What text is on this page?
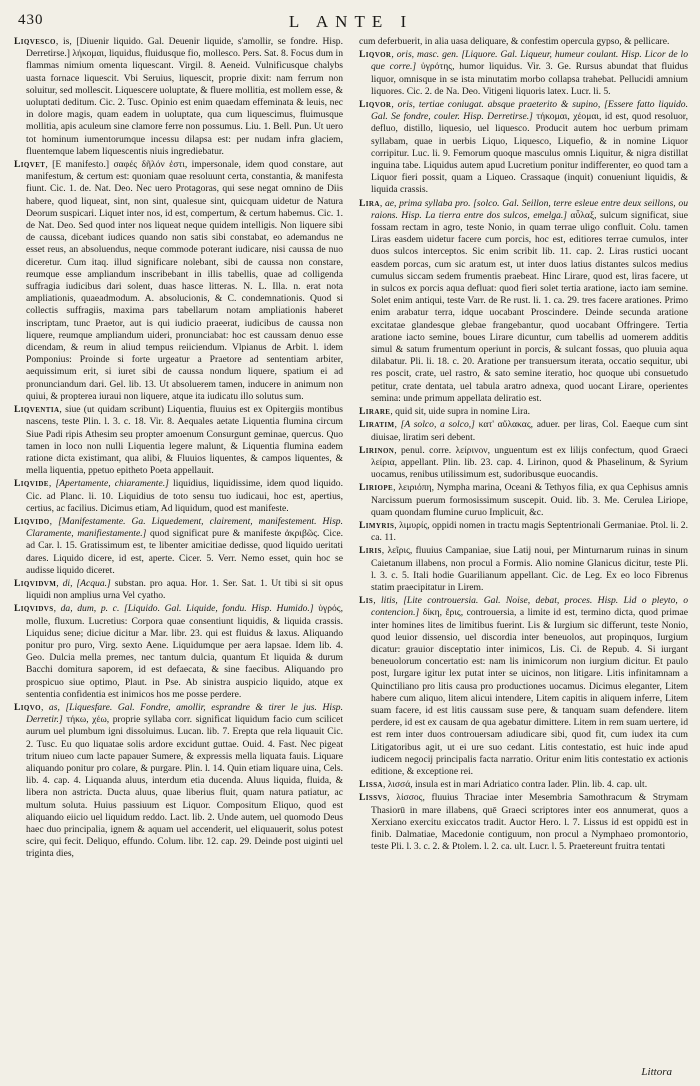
430	L ANTE I

Liqvesco, is, [Diuenir liquido. Gal. Deuenir liquide, s'amollir, se fondre. Hisp. Derretirse.] λήκομαι, liquidus, fluidusque fio, mollesco. Pers. Sat. 8. Focus dum in flammas nimium omenta liquescant. Virgil. 8. Aeneid. Vulnificusque chalybs uasta fornace liquescit. Vbi Seruius, liquescit, proprie dixit: nam ferrum non soluitur, sed mollescit. Liquescere uoluptate, & fluere mollitia, est mollem esse, & uoluptati deditum. Cic. 2. Tusc. Opinio est enim quaedam effeminata & leuis, nec in dolore magis, quam eadem in uoluptate, qua cum liquescimus, fluimusque mollitia, apis aculeum sine clamore ferre non possumus. Liu. 1. Bell. Pun. Ut uero tot hominum iumentorumque incessu dilapsa est: per nudam infra glaciem, fluentemque labem liquescentis niuis ingrediebatur.

Liqvet, [E manifesto.] σαφές δῆλόν ἐστι, impersonale, idem quod constare, aut manifestum, & certum est: quoniam quae resoluunt certa, constantia, & manifesta fiunt. Cic. 1. de. Nat. Deo. Nec uero Protagoras, qui sese negat omnino de Diis habere, quod liqueat, sint, non sint, qualesue sint, quicquam uidetur de Natura Deorum suspicari. Liquet inter nos, id est, compertum, & certum habemus. Cic. 1. de Nat. Deo. Sed quod inter nos liqueat neque quidem intelligis. Non liquere sibi de caussa, dicebant iudices quando non satis sibi constabat, eo ademandus ne esset reus, an absoluendus, neque commode poterant iudicare, nisi caussa de nuo diceretur. Cum itaq. illud significare nolebant, sibi de caussa non constare, reumque esse ampliandum inscribebant in illis tabellis, quae ad colligenda suffragia iudicibus dari solent, duas hasce litteras. N. L. Illa. n. erat nota ampliationis, quaeadmodum. A. absolucionis, & C. condemnationis. Quod si collectis suffragiis, maxima pars tabellarum notam ampliationis haberet inscriptam, tunc Praetor, aut is qui iudicio praeerat, iudicibus de caussa non liquere, reumque ampliandum uideri, pronunciabat: hoc est caussam denuo esse dicendam, & reum in aliud tempus reiiciendum. Vlpianus de Arbit. l. idem Pomponius: Proinde si forte urgeatur a Praetore ad sententiam arbiter, aequissimum erit, si iuret sibi de caussa nondum liquere, spatium ei ad pronunciandum dari. Gel. lib. 13. Ut absoluerem tamen, inducere in animum non quiui, & propterea iuraui non liquere, atque ita iudicatu illo solutus sum.

Liqventia, siue (ut quidam scribunt) Liquentia, fluuius est ex Opitergiis montibus nascens, teste Plin. l. 3. c. 18. Vir. 8. Aequales aetate Liquentia flumina circum Siue Padi ripis Athesim seu propter amoenum Consurgunt geminae, quercus. Quo tamen in loco non nulli Liquentia legere malunt, & Liquentia flumina eadem ratione dicta existimant, qua alibi, & Fluuios liquentes, & campos liquentes, & mella liquentia, ppetuo epitheto Poeta appellauit.

Liqvide, [Apertamente, chiaramente.] liquidius, liquidissime, idem quod liquido. Cic. ad Planc. li. 10. Liquidius de toto sensu tuo iudicaui, hoc est, apertius, certius, ac facilius. Dicimus etiam, Ad liquidum, quod est manifeste.

Liqvido, [Manifestamente. Ga. Liquedement, clairement, manifestement. Hisp. Claramente, manifiestamente.] quod significat pure & manifeste ἀκριβῶς. Cice. ad Car. l. 15. Gratissimum est, te libenter amicitiae dedisse, quod liquido ueritati dares. Liquido dicere, id est, aperte. Cicer. 5. Verr. Nemo esset, quin hoc se audisse liquido diceret.

Liqvidvm, di, [Acqua.] substan. pro aqua. Hor. 1. Ser. Sat. 1. Ut tibi si sit opus liquidi non amplius urna Vel cyatho.

Liqvidvs, da, dum, p. c. [Liquido. Gal. Liquide, fondu. Hisp. Humido.] ὑγρός, molle, fluxum. Lucretius: Corpora quae consentiunt liquidis, & liquida crassis. Liquidus sene; diciue dicitur a Mar. libr. 23. qui est fluidus & laxus. Aliquando ponitur pro puro, Virg. sexto Aene. Liquidumque per aera lapsae. Idem lib. 4. Geo. Dulcia mella premes, nec tantum dulcia, quantum Et liquida & durum Bacchi domitura saporem, id est defaecata, & sine faecibus. Aliquando pro prospicuo siue optimo, Plaut. in Pse. Ab sinistra auspicio liquido, atque ex sententia confidentia est inimicos hos me posse perdere.

Liqvo, as, [Liquesfare. Gal. Fondre, amollir, esprandre & tirer le jus. Hisp. Derretir.] τήκω, χέω, proprie syllaba corr. significat liquidum facio cum scilicet aurum uel plumbum igni dissoluimus. Lucan. lib. 7. Erepta que rela liquauit Cic. 2. Tusc. Eu quo liquatae solis ardore excidunt guttae. Ouid. 4. Fast. Nec pigeat tritum niueo cum lacte papauer Sumere, & expressis mella liquata fauis. Liquare aliquando ponitur pro colare, & purgare. Plin. l. 14. Quin etiam liquare uina, Cels. lib. 4. cap. 4. Liquanda aluus, interdum etia ducenda. Aluus liquida, fluida, & libera non astricta. Ducta aluus, quae liberius fluit, quam natura patiatur, ac multum soluta. Huius passiuum est Liquor. Compositum Eliquo, quod est aliquando eiicio uel liquidum reddo. Lact. lib. 2. Unde autem, uel quomodo Deus haec duo principalia, ignem & aquam uel accenderit, uel eliquauerit, solus potest scire, qui fecit. Deliquo, effundo. Colum. libr. 12. cap. 29. Deinde post uiginti uel triginta dies,

cum deferbuerit, in alia uasa deliquare, & confestim opercula gypso, & pellicare.

Liqvor, oris, masc. gen. [Liquore. Gal. Liqueur, humeur coulant. Hisp. Licor de lo que corre.] ὑγρότης, humor liquidus. Vir. 3. Ge. Rursus abundat that fluidus liquor, omnisque in se ista minutatim morbo collapsa trahebat. Pellucidi amnium liquores. Cic. 2. de Na. Deo. Vitigeni liquoris latex. Lucr. li. 5.

Liqvor, oris, tertiae coniugat. absque praeterito & supino, [Essere fatto liquido. Gal. Se fondre, couler. Hisp. Derretirse.] τήκομαι, χέομαι, id est, quod resoluor, defluo, distillo, liquesio, uel liquesco. Producit autem hoc uerbum primam syllabam, quae in uerbis Liquo, Liquesco, Liquefio, & in nomine Liquor corripitur. Luc. li. 9. Femorum quoque masculus omnis Liquitur, & nigra distillat inguina tabe. Liquidus autem apud Lucretium ponitur indifferenter, eo quod tam a Liquor fieri possit, quam a Liqueo. Crassaque (inquit) conueniunt liquidis, & liquida crassis.

Lira, ae, prima syllaba pro. [solco. Gal. Seillon, terre esleue entre deux seillons, ou raions. Hisp. La tierra entre dos sulcos, emelga.] αὖλαξ, sulcum significat, siue fossam rectam in agro, teste Nonio, in quam terrae uligo confluit. Colu. tamen Liras easdem uidetur facere cum porcis, hoc est, editiores terrae cumulos, inter duos sulcos interceptos. Sic enim scribit lib. 11. cap. 2. Liras rustici uocant easdem porcas, cum sic aratum est, ut inter duos latius distantes sulcos medius cumulus siccam sedem frumentis praebeat. Hinc Lirare, quod est, liras facere, ut in sulcos ex porcis aqua defluat: quod fieri solet tertia aratione, iacto iam semine. Solet enim antiqui, teste Varr. de Re rust. li. 1. ca. 29. tres facere arationes. Primo enim arabatur terra, idque uocabant Proscindere. Deinde secunda aratione excitatae glandesque glebae frangebantur, quod uocabant Offringere. Tertia aratione iacto semine, boues Lirare dicuntur, cum tabellis ad uomerem additis simul & satum frumentum operiunt in porcis, & sulcant fossas, quo pluuia aqua dilabatur. Pli. li. 18. c. 20. Aratione per transuersum iterata, occatio sequitur, ubi res poscit, crate, uel rastro, & sato semine iteratio, hoc quoque ubi consuetudo petitur, crate dentata, uel tabula aratro adnexa, quod uocant Lirare, operientes semina: unde primum appellata deliratio est.

Lirare, quid sit, uide supra in nomine Lira.

Liratim, [A solco, a solco,] κατ' αὔλακας, aduer. per liras, Col. Eaeque cum sint diuisae, liratim seri debent.

Lirinon, penul. corre. λείρινον, unguentum est ex lilijs confectum, quod Graeci λείρια, appellant. Plin. lib. 23. cap. 4. Lirinon, quod & Phaselinum, & Syrium uocamus, renibus utilissimum est, sudoribusque euocandis.

Liriope, λειριόπη, Nympha marina, Oceani & Tethyos filia, ex qua Cephisus amnis Narcissum puerum formosissimum suscepit. Ouid. lib. 3. Me. Cerulea Liriope, quam quondam flumine curuo Implicuit, &c.

Limyris, λιμυρίς, oppidi nomen in tractu magis Septentrionali Germaniae. Ptol. li. 2. ca. 11.

Liris, λεῖρις, fluuius Campaniae, siue Latij noui, per Minturnarum ruinas in sinum Caietanum illabens, non procul a Formis. Alio nomine Glanicus dicitur, teste Pli. l. 3. c. 5. Itali hodie Guarilianum appellant. Cic. de Leg. Ex eo loco Fibrenus statim praecipitatur in Lirem.

Lis, litis, [Lite controuersia. Gal. Noise, debat, proces. Hisp. Lid o pleyto, o contencion.] δίκη, ἔρις, controuersia, a limite id est, termino dicta, quod primae inter homines lites de limitibus fuerint. Lis & Iurgium sic differunt, teste Nonio, quod leuior dissensio, uel discordia inter beneuolos, aut propinquos, Iurgium dicatur: grauior disceptatio inter inimicos, Lis. Ci. de Repub. 4. Si iurgant beneuolorum concertatio est: nam lis inimicorum non iurgium dicitur. Et paulo post, Iurgare igitur lex putat inter se uicinos, non litigare. Litis infinitamnam a Quinctiliano pro litis causa pro productiones uocamus. Dicimus eleganter, Litem habere cum aliquo, litem alicui intendere, Litem capitis in aliquem inferre, Litem suam facere, id est litis caussam suse pere, & tanquam suam defendere. litem perdere, id est ex causam de qua agebatur dimittere. Litem in rem suam uertere, id est rem inter duos controuersam adiudicare sibi, quod fit, cum iudex ita cum Litigatoribus agit, ut ei ure suo cedant. Litis contestatio, est huic inde apud iudicem negocij principalis facta narratio. Oritur enim litis contestatio ex actionis editione, & exceptione rei.

Lissa, λισσά, insula est in mari Adriatico contra Iader. Plin. lib. 4. cap. ult.

Lissvs, λίσσος, fluuius Thraciae inter Mesembria Samothracum & Strymam Thasiorū in mare illabens, quē Graeci scriptores inter eos annumerat, quos a Xerxiano exercitu exiccatos tradit. Auctor Hero. l. 7. Lissus id est oppidū est in finib. Dalmatiae, Macedonie contiguum, non procul a Nymphaeo promontorio, teste Pli. l. 3. c. 2. & Ptolem. l. 2. ca. ult. Lucr. l. 5. Praetereunt fruitra tentati

Littora
